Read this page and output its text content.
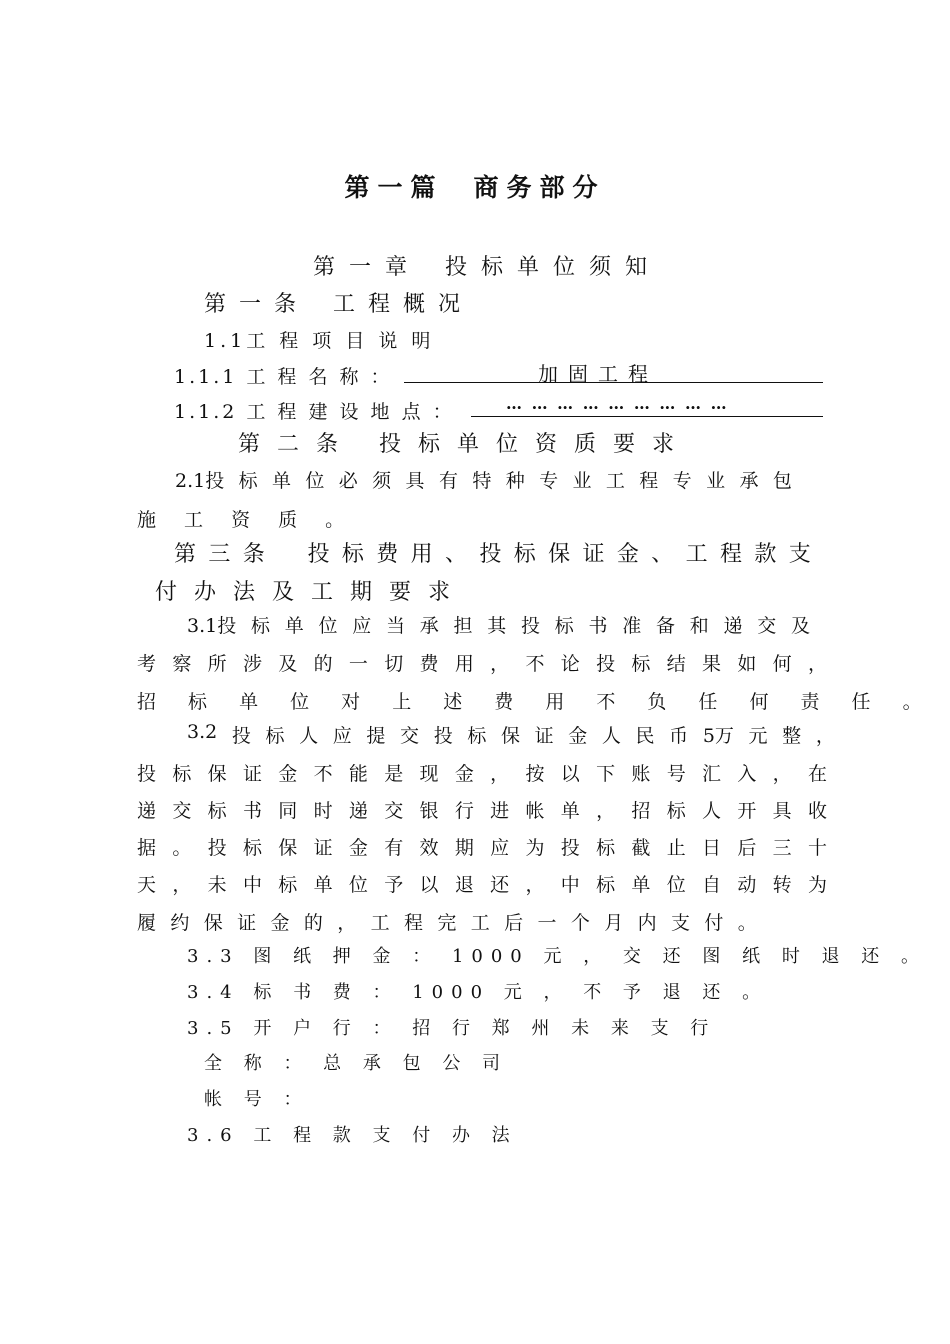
第一篇 商务部分
第一章 投标单位须知
第一条 工程概况
1.1工 程 项 目 说 明
1.1.1 工 程 名 称 ：	加固工程
1.1.2 工 程 建 设 地 点 ：	… … … … … … … … …
第二条 投标单位资质要求
2.1投 标 单 位 必 须 具 有 特 种 专 业 工 程 专 业 承 包
施 工 资 质 。
第 三 条 投 标 费 用 、 投 标 保 证 金 、 工 程 款 支
付办法及工期要求
3.1投 标 单 位 应 当 承 担 其 投 标 书 准 备 和 递 交 及
考 察 所 涉 及 的 一 切 费 用 ， 不 论 投 标 结 果 如 何 ，
招 标 单 位 对 上 述 费 用 不 负 任 何 责 任 。
3.2 投 标 人 应 提 交 投 标 保 证 金 人 民 币 5万 元 整 ，
投 标 保 证 金 不 能 是 现 金 ， 按 以 下 账 号 汇 入 ， 在
递 交 标 书 同 时 递 交 银 行 进 帐 单 ， 招 标 人 开 具 收
据 。 投 标 保 证 金 有 效 期 应 为 投 标 截 止 日 后 三 十
天 ， 未 中 标 单 位 予 以 退 还 ， 中 标 单 位 自 动 转 为
履 约 保 证 金 的 ， 工 程 完 工 后 一 个 月 内 支 付 。
3.3 图 纸 押 金 ： 1000 元 ， 交 还 图 纸 时 退 还 。
3.4 标 书 费 ： 1000 元 ， 不 予 退 还 。
3.5 开 户 行 ： 招 行 郑 州 未 来 支 行
全 称 ： 总 承 包 公 司
帐 号 ：
3.6 工 程 款 支 付 办 法
